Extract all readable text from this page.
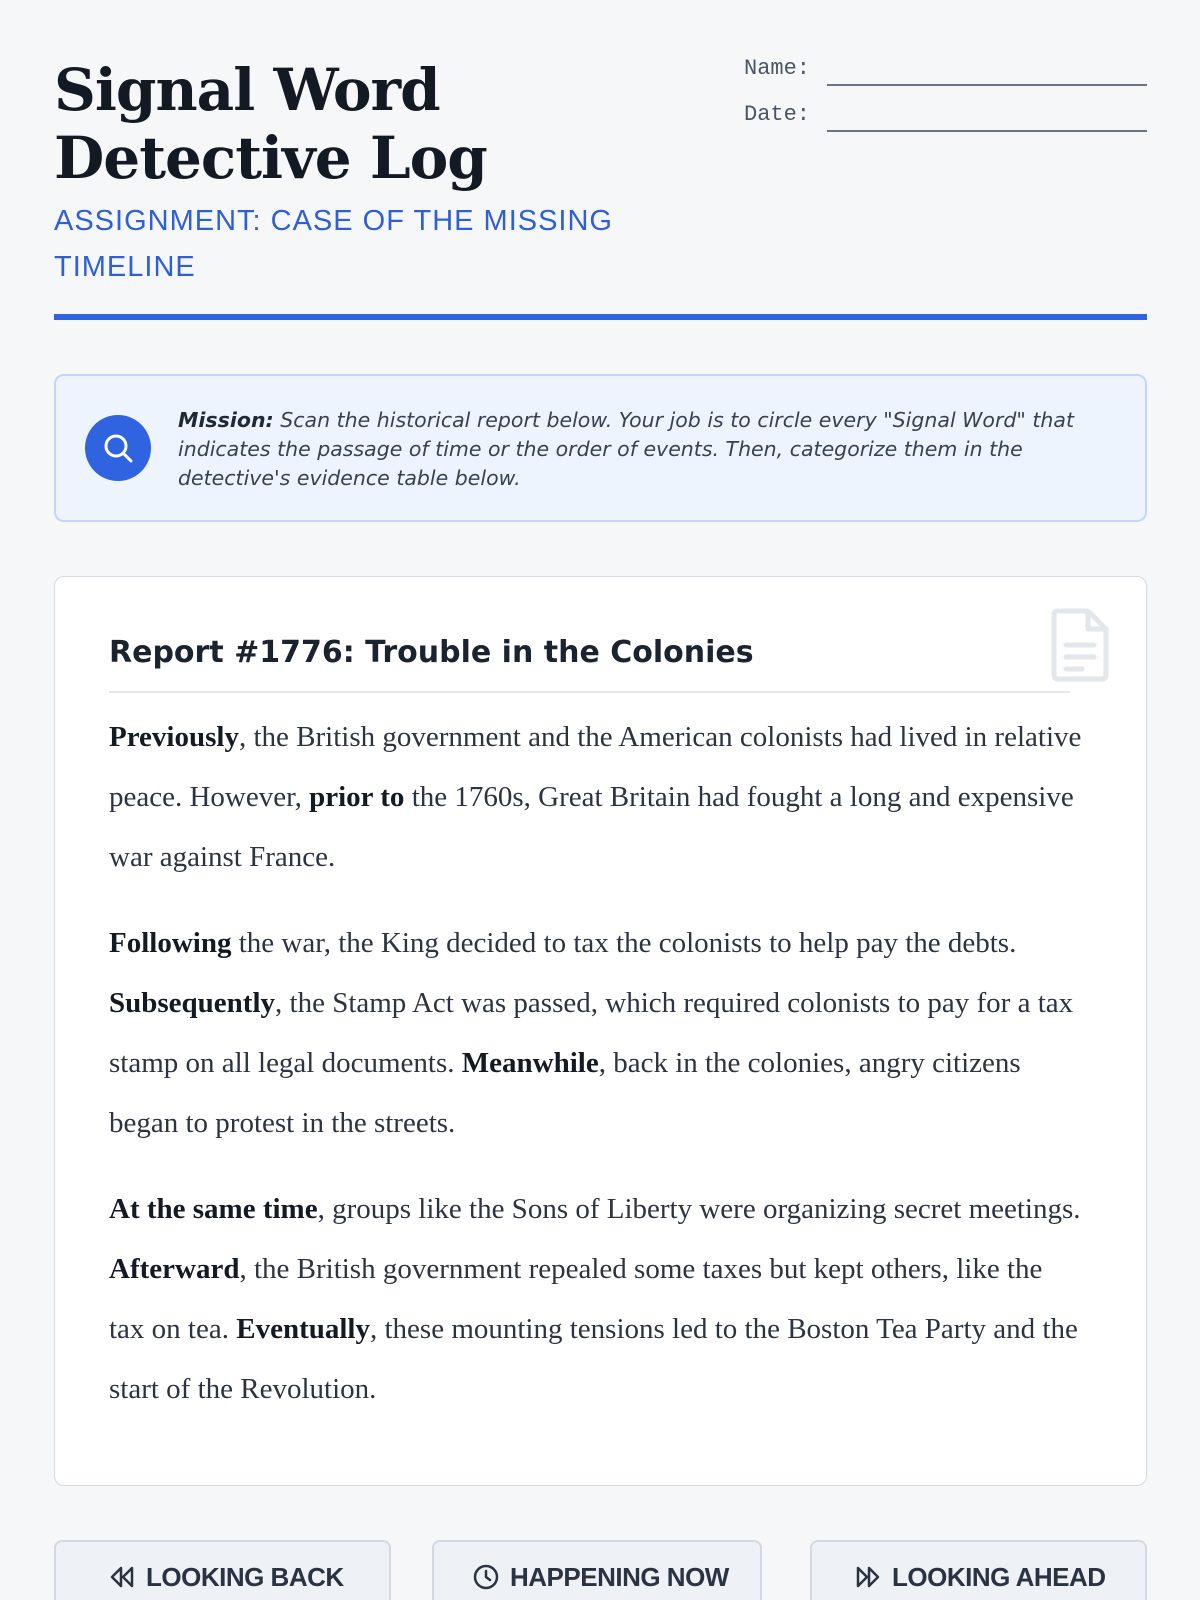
Signal Word Detective Log
ASSIGNMENT: CASE OF THE MISSING TIMELINE
Name:
Date:

Mission: Scan the historical report below. Your job is to circle every "Signal Word" that indicates the passage of time or the order of events. Then, categorize them in the detective's evidence table below.

Report #1776: Trouble in the Colonies

Previously, the British government and the American colonists had lived in relative peace. However, prior to the 1760s, Great Britain had fought a long and expensive war against France.

Following the war, the King decided to tax the colonists to help pay the debts. Subsequently, the Stamp Act was passed, which required colonists to pay for a tax stamp on all legal documents. Meanwhile, back in the colonies, angry citizens began to protest in the streets.

At the same time, groups like the Sons of Liberty were organizing secret meetings. Afterward, the British government repealed some taxes but kept others, like the tax on tea. Eventually, these mounting tensions led to the Boston Tea Party and the start of the Revolution.

LOOKING BACK	HAPPENING NOW	LOOKING AHEAD
